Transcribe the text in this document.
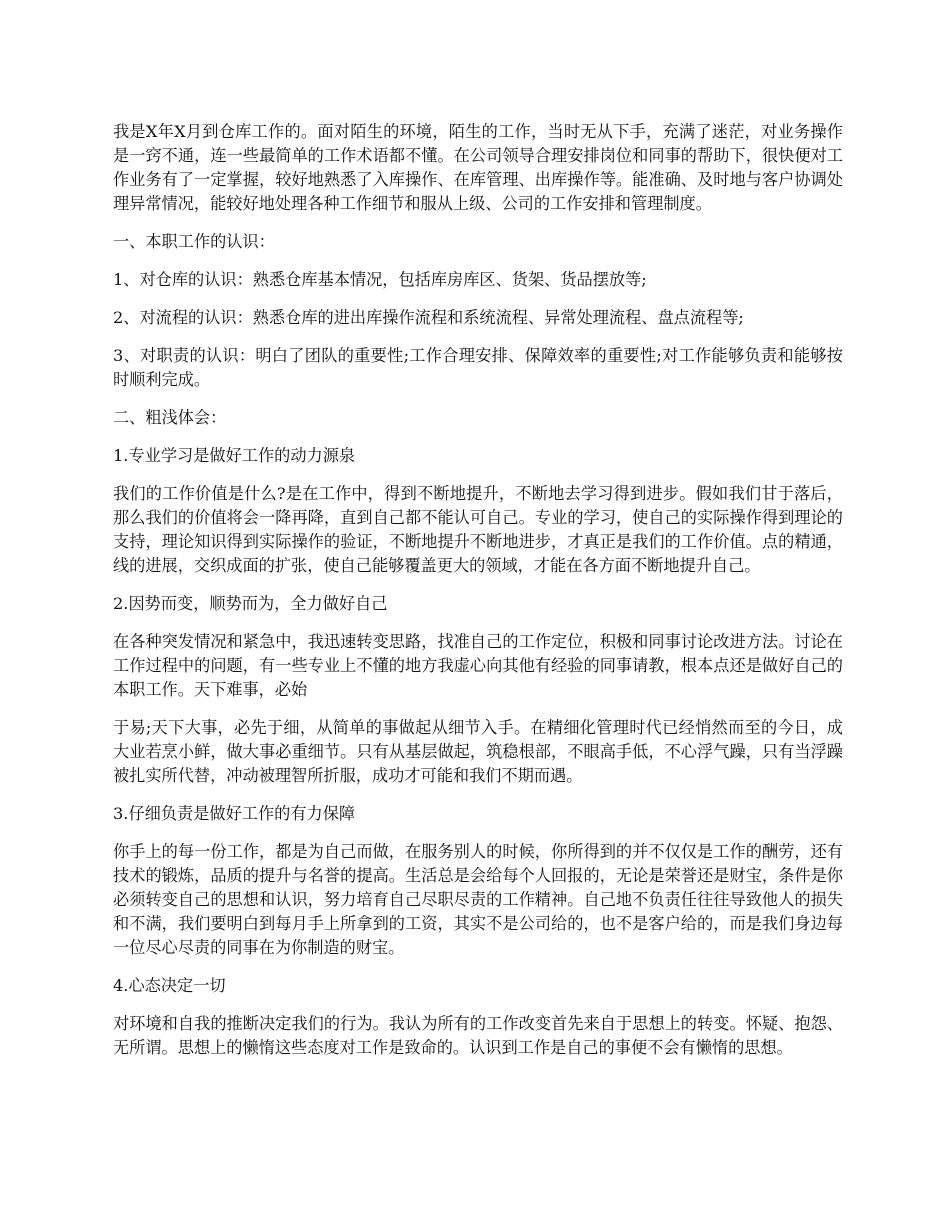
我是X年X月到仓库工作的。面对陌生的环境，陌生的工作，当时无从下手，充满了迷茫，对业务操作是一窍不通，连一些最简单的工作术语都不懂。在公司领导合理安排岗位和同事的帮助下，很快便对工作业务有了一定掌握，较好地熟悉了入库操作、在库管理、出库操作等。能准确、及时地与客户协调处理异常情况，能较好地处理各种工作细节和服从上级、公司的工作安排和管理制度。

一、本职工作的认识：

1、对仓库的认识：熟悉仓库基本情况，包括库房库区、货架、货品摆放等;

2、对流程的认识：熟悉仓库的进出库操作流程和系统流程、异常处理流程、盘点流程等;

3、对职责的认识：明白了团队的重要性;工作合理安排、保障效率的重要性;对工作能够负责和能够按时顺利完成。

二、粗浅体会：

1.专业学习是做好工作的动力源泉

我们的工作价值是什么?是在工作中，得到不断地提升，不断地去学习得到进步。假如我们甘于落后，那么我们的价值将会一降再降，直到自己都不能认可自己。专业的学习，使自己的实际操作得到理论的支持，理论知识得到实际操作的验证，不断地提升不断地进步，才真正是我们的工作价值。点的精通，线的进展，交织成面的扩张，使自己能够覆盖更大的领域，才能在各方面不断地提升自己。

2.因势而变，顺势而为，全力做好自己

在各种突发情况和紧急中，我迅速转变思路，找准自己的工作定位，积极和同事讨论改进方法。讨论在工作过程中的问题，有一些专业上不懂的地方我虚心向其他有经验的同事请教，根本点还是做好自己的本职工作。天下难事，必始

于易;天下大事，必先于细，从简单的事做起从细节入手。在精细化管理时代已经悄然而至的今日，成大业若烹小鲜，做大事必重细节。只有从基层做起，筑稳根部，不眼高手低，不心浮气躁，只有当浮躁被扎实所代替，冲动被理智所折服，成功才可能和我们不期而遇。

3.仔细负责是做好工作的有力保障

你手上的每一份工作，都是为自己而做，在服务别人的时候，你所得到的并不仅仅是工作的酬劳，还有技术的锻炼，品质的提升与名誉的提高。生活总是会给每个人回报的，无论是荣誉还是财宝，条件是你必须转变自己的思想和认识，努力培育自己尽职尽责的工作精神。自己地不负责任往往导致他人的损失和不满，我们要明白到每月手上所拿到的工资，其实不是公司给的，也不是客户给的，而是我们身边每一位尽心尽责的同事在为你制造的财宝。

4.心态决定一切

对环境和自我的推断决定我们的行为。我认为所有的工作改变首先来自于思想上的转变。怀疑、抱怨、无所谓。思想上的懒惰这些态度对工作是致命的。认识到工作是自己的事便不会有懒惰的思想。
